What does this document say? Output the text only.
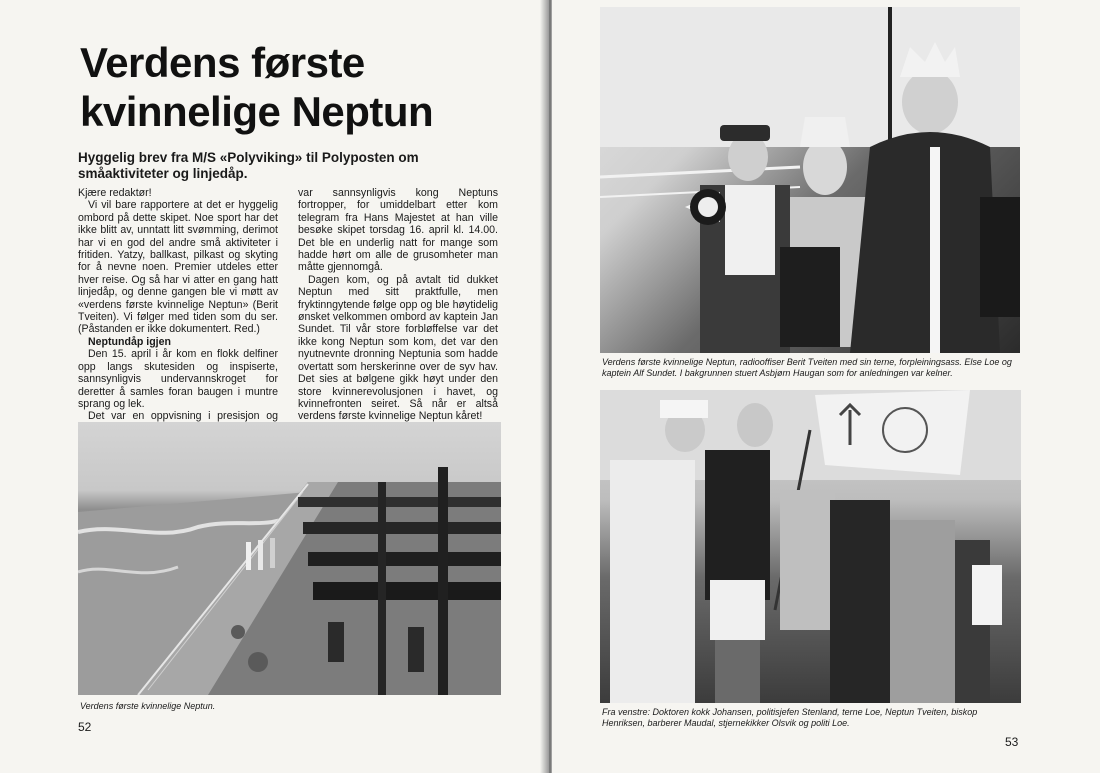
Verdens første
kvinnelige Neptun

Hyggelig brev fra M/S «Polyviking» til Polyposten om småaktiviteter og linjedåp.

Kjære redaktør!

Vi vil bare rapportere at det er hyggelig ombord på dette skipet. Noe sport har det ikke blitt av, unntatt litt svømming, derimot har vi en god del andre små aktiviteter i fritiden. Yatzy, ballkast, pilkast og skyting for å nevne noen. Premier utdeles etter hver reise. Og så har vi atter en gang hatt linjedåp, og denne gangen ble vi møtt av «verdens første kvinnelige Neptun» (Berit Tveiten). Vi følger med tiden som du ser. (Påstanden er ikke dokumentert. Red.)

Neptundåp igjen

Den 15. april i år kom en flokk delfiner opp langs skutesiden og inspiserte, sannsynligvis undervannskroget for deretter å samles foran baugen i muntre sprang og lek.

Det var en oppvisning i presisjon og

var sannsynligvis kong Neptuns fortropper, for umiddelbart etter kom telegram fra Hans Majestet at han ville besøke skipet torsdag 16. april kl. 14.00. Det ble en underlig natt for mange som hadde hørt om alle de grusomheter man måtte gjennomgå.

Dagen kom, og på avtalt tid dukket Neptun med sitt praktfulle, men fryktinngytende følge opp og ble høytidelig ønsket velkommen ombord av kaptein Jan Sundet. Til vår store forbløffelse var det ikke kong Neptun som kom, det var den nyutnevnte dronning Neptunia som hadde overtatt som herskerinne over de syv hav. Det sies at bølgene gikk høyt under den store kvinnerevolusjonen i havet, og kvinnefronten seiret. Så når er altså verdens første kvinnelige Neptun kåret!

Verdens første kvinnelige Neptun.

52

Verdens første kvinnelige Neptun, radiooffiser Berit Tveiten med sin terne, forpleiningsass. Else Loe og kaptein Alf Sundet. I bakgrunnen stuert Asbjørn Haugan som for anledningen var kelner.

Fra venstre: Doktoren kokk Johansen, politisjefen Stenland, terne Loe, Neptun Tveiten, biskop Henriksen, barberer Maudal, stjernekikker Olsvik og politi Loe.

53
